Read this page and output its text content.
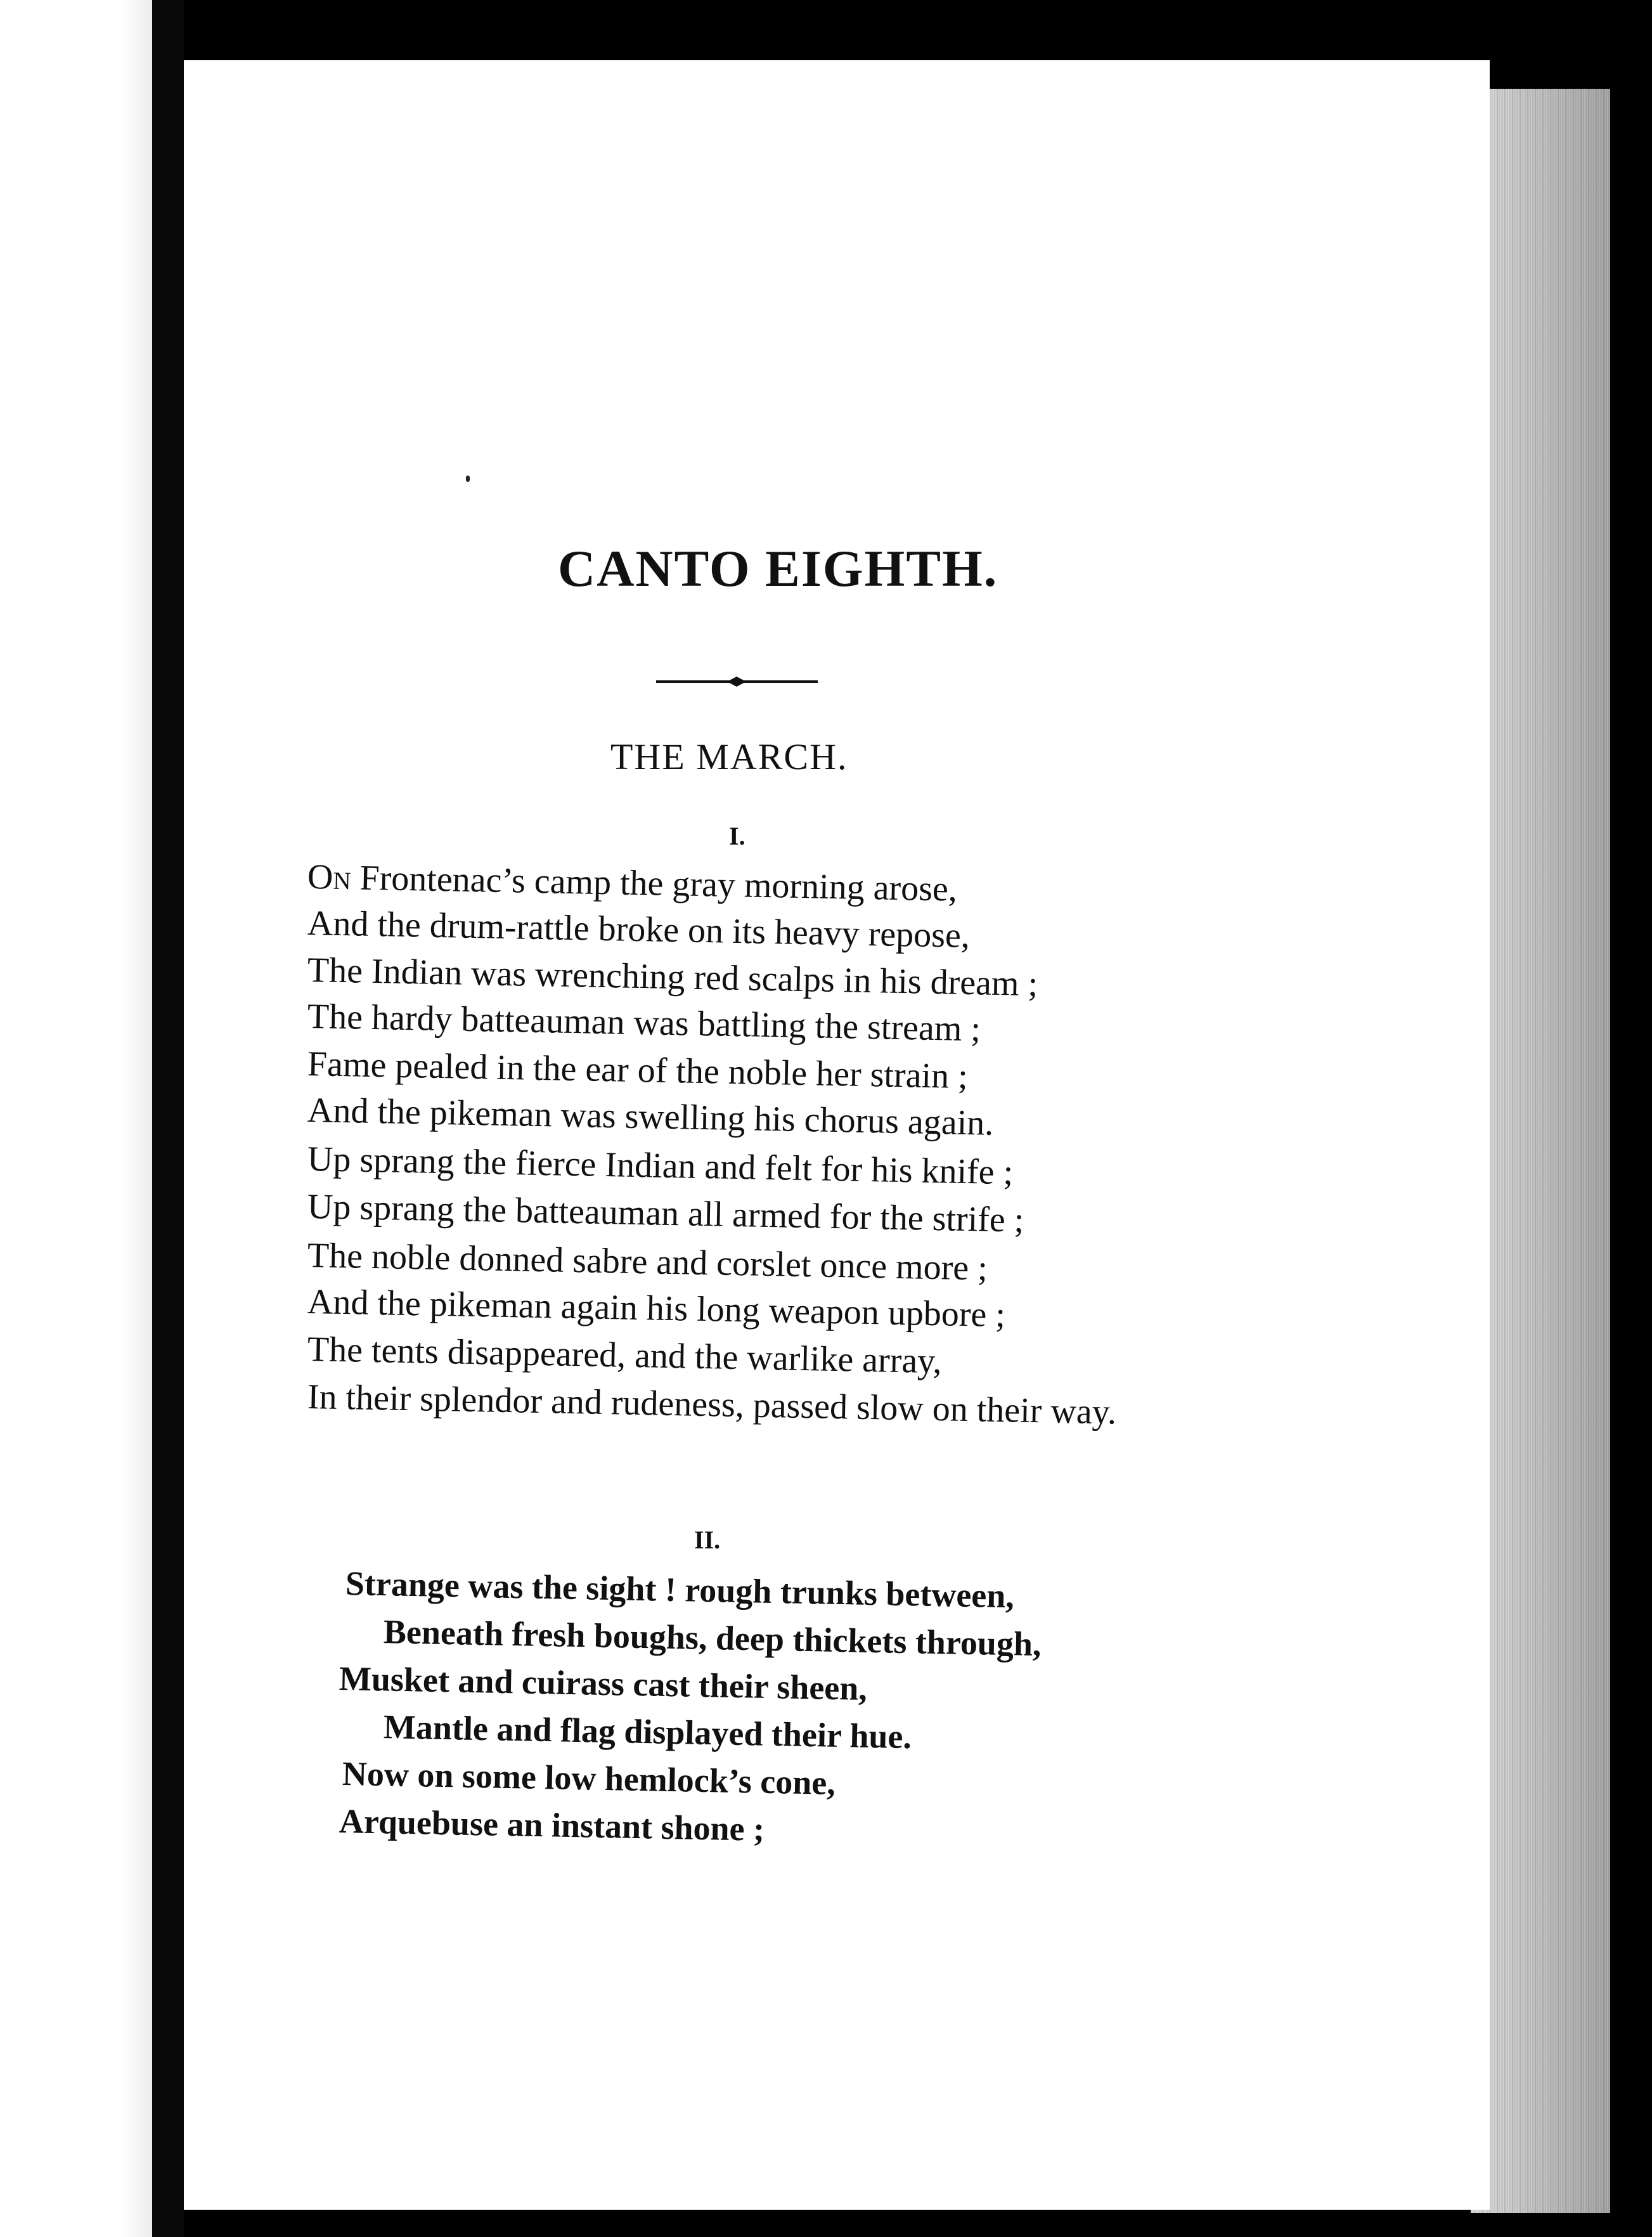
CANTO EIGHTH.
THE MARCH.
I.
On Frontenac’s camp the gray morning arose,
And the drum-rattle broke on its heavy repose,
The Indian was wrenching red scalps in his dream ;
The hardy batteauman was battling the stream ;
Fame pealed in the ear of the noble her strain ;
And the pikeman was swelling his chorus again.
Up sprang the fierce Indian and felt for his knife ;
Up sprang the batteauman all armed for the strife ;
The noble donned sabre and corslet once more ;
And the pikeman again his long weapon upbore ;
The tents disappeared, and the warlike array,
In their splendor and rudeness, passed slow on their way.
II.
Strange was the sight ! rough trunks between,
Beneath fresh boughs, deep thickets through,
Musket and cuirass cast their sheen,
Mantle and flag displayed their hue.
Now on some low hemlock’s cone,
Arquebuse an instant shone ;
